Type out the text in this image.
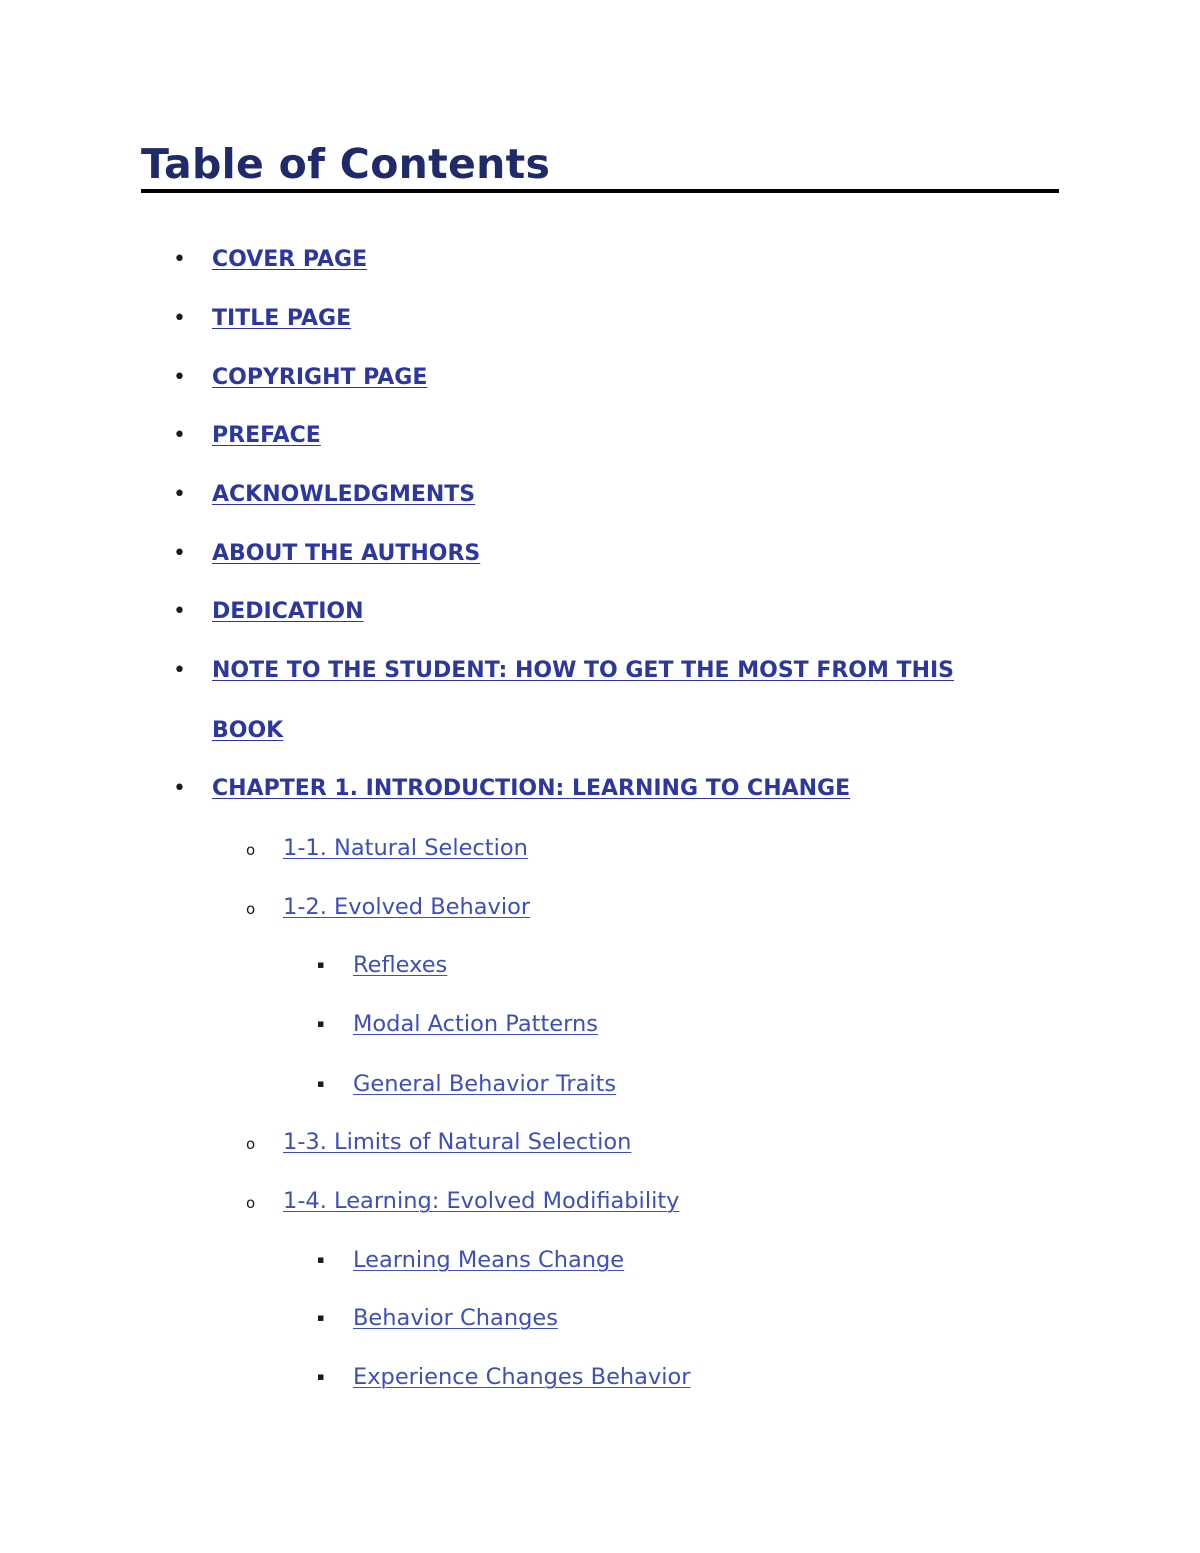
Table of Contents
• COVER PAGE
• TITLE PAGE
• COPYRIGHT PAGE
• PREFACE
• ACKNOWLEDGMENTS
• ABOUT THE AUTHORS
• DEDICATION
• NOTE TO THE STUDENT: HOW TO GET THE MOST FROM THIS
BOOK
• CHAPTER 1. INTRODUCTION: LEARNING TO CHANGE
o 1-1. Natural Selection
o 1-2. Evolved Behavior
▪ Reflexes
▪ Modal Action Patterns
▪ General Behavior Traits
o 1-3. Limits of Natural Selection
o 1-4. Learning: Evolved Modifiability
▪ Learning Means Change
▪ Behavior Changes
▪ Experience Changes Behavior
